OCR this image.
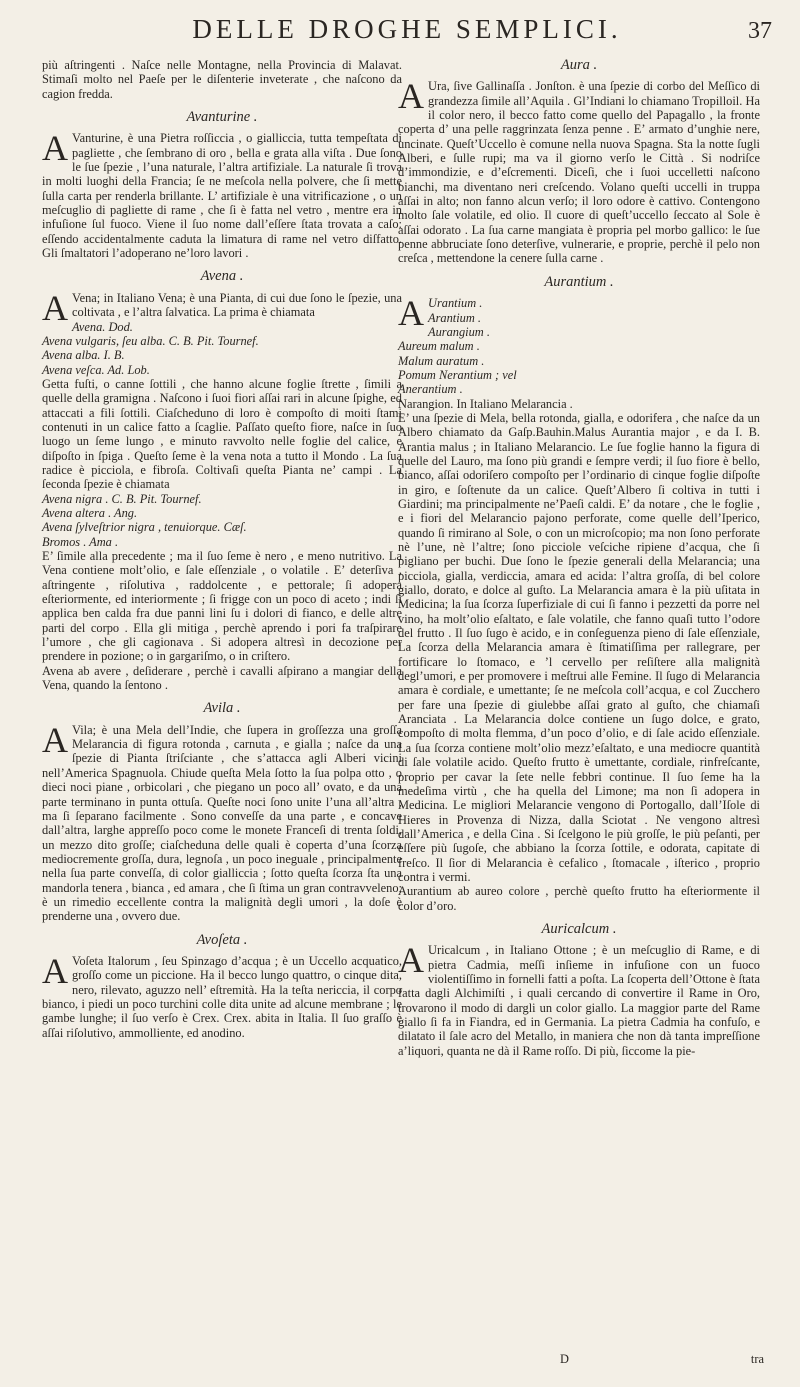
DELLE DROGHE SEMPLICI.	37

più aſtringenti . Naſce nelle Montagne, nella Provincia di Malavat. Stimaſi molto nel Paeſe per le diſenterie inveterate , che naſcono da cagion fredda.

Avanturine .

A Vanturine, è una Pietra roſſiccia , o gialliccia, tutta tempeſtata di pagliette , che ſembrano di oro , bella e grata alla viſta . Due ſono le ſue ſpezie , l’una naturale, l’altra artifiziale. La naturale ſi trova in molti luoghi della Francia; ſe ne meſcola nella polvere, che ſi mette ſulla carta per renderla brillante. L’ artifiziale è una vitrificazione , o un meſcuglio di pagliette di rame , che ſi è fatta nel vetro , mentre era in infuſione ſul fuoco. Viene il ſuo nome dall’eſſere ſtata trovata a caſo: eſſendo accidentalmente caduta la limatura di rame nel vetro diſfatto. Gli ſmaltatori l’adoperano ne’loro lavori .

Avena .

A Vena; in Italiano Vena; è una Pianta, di cui due ſono le ſpezie, una coltivata , e l’altra ſalvatica. La prima è chiamata

Avena. Dod.
Avena vulgaris, ſeu alba. C. B. Pit. Tournef.
Avena alba. I. B.
Avena veſca. Ad. Lob.

Getta fuſti, o canne ſottili , che hanno alcune foglie ſtrette , ſimili a quelle della gramigna . Naſcono i ſuoi fiori aſſai rari in alcune ſpighe, ed attaccati a fili ſottili. Ciaſcheduno di loro è compoſto di moiti ſtami contenuti in un calice fatto a ſcaglie. Paſſato queſto fiore, naſce in ſuo luogo un ſeme lungo , e minuto ravvolto nelle foglie del calice, e diſpoſto in ſpiga . Queſto ſeme è la vena nota a tutto il Mondo . La ſua radice è picciola, e fibroſa. Coltivaſi queſta Pianta ne’ campi . La ſeconda ſpezie è chiamata

Avena nigra . C. B. Pit. Tournef.
Avena altera . Ang.
Avena ſylveſtrior nigra , tenuiorque. Cæſ.
Bromos . Ama .

E’ ſimile alla precedente ; ma il ſuo ſeme è nero , e meno nutritivo. La Vena contiene molt’olio, e ſale eſſenziale , o volatile . E’ deterſiva , aſtringente , riſolutiva , raddolcente , e pettorale; ſi adopera eſteriormente, ed interiormente ; ſi frigge con un poco di aceto ; indi ſi applica ben calda fra due panni lini ſu i dolori di fianco, e delle altre parti del corpo . Ella gli mitiga , perchè aprendo i pori fa traſpirare l’umore , che gli cagionava . Si adopera altresì in decozione per prendere in pozione; o in gargariſmo, o in criſtero.

Avena ab avere , deſiderare , perchè i cavalli aſpirano a mangiar della Vena, quando la ſentono .

Avila .

A Vila; è una Mela dell’Indie, che ſupera in groſſezza una groſſa Melarancia di figura rotonda , carnuta , e gialla ; naſce da una ſpezie di Pianta ſtriſciante , che s’attacca agli Alberi vicini nell’America Spagnuola. Chiude queſta Mela ſotto la ſua polpa otto , o dieci noci piane , orbicolari , che piegano un poco all’ ovato, e da una parte terminano in punta ottuſa. Queſte noci ſono unite l’una all’altra ; ma ſi ſeparano facilmente . Sono conveſſe da una parte , e concave dall’altra, larghe appreſſo poco come le monete Franceſi di trenta ſoldi, un mezzo dito groſſe; ciaſcheduna delle quali è coperta d’una ſcorza mediocremente groſſa, dura, legnoſa , un poco ineguale , principalmente nella ſua parte conveſſa, di color gialliccia ; ſotto queſta ſcorza ſta una mandorla tenera , bianca , ed amara , che ſi ſtima un gran contravveleno; è un rimedio eccellente contra la malignità degli umori , la doſe è prenderne una , ovvero due.

Avoſeta .

A Voſeta Italorum , ſeu Spinzago d’acqua ; è un Uccello acquatico, groſſo come un piccione. Ha il becco lungo quattro, o cinque dita, nero, rilevato, aguzzo nell’ eſtremità. Ha la teſta nericcia, il corpo bianco, i piedi un poco turchini colle dita unite ad alcune membrane ; le gambe lunghe; il ſuo verſo è Crex. Crex. abita in Italia. Il ſuo graſſo è aſſai riſolutivo, ammolliente, ed anodino.

Aura .

A Ura, ſive Gallinaſſa . Jonſton. è una ſpezie di corbo del Meſſico di grandezza ſimile all’Aquila . Gl’Indiani lo chiamano Tropilloil. Ha il color nero, il becco fatto come quello del Papagallo , la fronte coperta d’ una pelle raggrinzata ſenza penne . E’ armato d’unghie nere, uncinate. Queſt’Uccello è comune nella nuova Spagna. Sta la notte ſugli Alberi, e ſulle rupi; ma va il giorno verſo le Città . Si nodriſce d’immondizie, e d’eſcrementi. Diceſi, che i ſuoi uccelletti naſcono bianchi, ma diventano neri creſcendo. Volano queſti uccelli in truppa aſſai in alto; non fanno alcun verſo; il loro odore è cattivo. Contengono molto ſale volatile, ed olio. Il cuore di queſt’uccello ſeccato al Sole è aſſai odorato . La ſua carne mangiata è propria pel morbo gallico: le ſue penne abbruciate ſono deterſive, vulnerarie, e proprie, perchè il pelo non creſca , mettendone la cenere ſulla carne .

Aurantium .
A Urantium .
Arantium .
Aurangium .
Aureum malum .
Malum auratum .
Pomum Nerantium ; vel
Anerantium .
Narangion. In Italiano Melarancia .

E’ una ſpezie di Mela, bella rotonda, gialla, e odorifera , che naſce da un Albero chiamato da Gaſp.Bauhin.Malus Aurantia major , e da I. B. Arantia malus ; in Italiano Melarancio. Le ſue foglie hanno la figura di quelle del Lauro, ma ſono più grandi e ſempre verdi; il ſuo fiore è bello, bianco, aſſai odoriſero compoſto per l’ordinario di cinque foglie diſpoſte in giro, e ſoſtenute da un calice. Queſt’Albero ſi coltiva in tutti i Giardini; ma principalmente ne’Paeſi caldi. E’ da notare , che le foglie , e i fiori del Melarancio pajono perforate, come quelle dell’Iperico, quando ſi rimirano al Sole, o con un microſcopio; ma non ſono perforate nè l’une, nè l’altre; ſono picciole veſciche ripiene d’acqua, che ſi pigliano per buchi. Due ſono le ſpezie generali della Melarancia; una picciola, gialla, verdiccia, amara ed acida: l’altra groſſa, di bel colore giallo, dorato, e dolce al guſto. La Melarancia amara è la più uſitata in Medicina; la ſua ſcorza ſuperfiziale di cui ſi fanno i pezzetti da porre nel vino, ha molt’olio eſaltato, e ſale volatile, che fanno quaſi tutto l’odore del frutto . Il ſuo ſugo è acido, e in conſeguenza pieno di ſale eſſenziale, La ſcorza della Melarancia amara è ſtimatiſſima per rallegrare, per fortificare lo ſtomaco, e ’l cervello per reſiſtere alla malignità degl’umori, e per promovere i meſtrui alle Femine. Il ſugo di Melarancia amara è cordiale, e umettante; ſe ne meſcola coll’acqua, e col Zucchero per fare una ſpezie di giulebbe aſſai grato al guſto, che chiamaſi Aranciata . La Melarancia dolce contiene un ſugo dolce, e grato, compoſto di molta flemma, d’un poco d’olio, e di ſale acido eſſenziale. La ſua ſcorza contiene molt’olio mezz’eſaltato, e una mediocre quantità di ſale volatile acido. Queſto frutto è umettante, cordiale, rinfreſcante, proprio per cavar la ſete nelle febbri continue. Il ſuo ſeme ha la medeſima virtù , che ha quella del Limone; ma non ſi adopera in Medicina. Le migliori Melarancie vengono di Portogallo, dall’Iſole di Hieres in Provenza di Nizza, dalla Sciotat . Ne vengono altresì dall’America , e della Cina . Si ſcelgono le più groſſe, le più peſanti, per eſſere più ſugoſe, che abbiano la ſcorza ſottile, e odorata, capitate di freſco. Il ſior di Melarancia è cefalico , ſtomacale , iſterico , proprio contra i vermi.

Aurantium ab aureo colore , perchè queſto frutto ha eſteriormente il color d’oro.

Auricalcum .

A Uricalcum , in Italiano Ottone ; è un meſcuglio di Rame, e di pietra Cadmia, meſſi inſieme in infuſione con un fuoco violentiſſimo in fornelli fatti a poſta. La ſcoperta dell’Ottone è ſtata fatta dagli Alchimiſti , i quali cercando di convertire il Rame in Oro, trovarono il modo di dargli un color giallo. La maggior parte del Rame giallo ſi fa in Fiandra, ed in Germania. La pietra Cadmia ha confuſo, e dilatato il ſale acro del Metallo, in maniera che non dà tanta impreſſione a’liquori, quanta ne dà il Rame roſſo. Di più, ſiccome la pie-

D	tra
